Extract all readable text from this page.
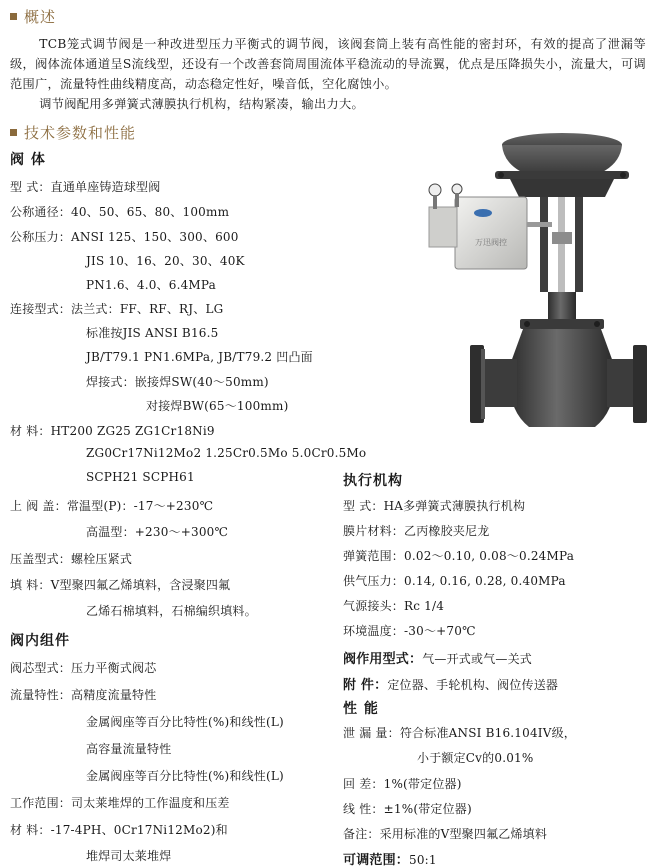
概述

TCB笼式调节阀是一种改进型压力平衡式的调节阀，该阀套筒上装有高性能的密封环，有效的提高了泄漏等级，阀体流体通道呈S流线型，还设有一个改善套筒周围流体平稳流动的导流翼，优点是压降损失小，流量大，可调范围广，流量特性曲线精度高，动态稳定性好，噪音低，空化腐蚀小。

调节阀配用多弹簧式薄膜执行机构，结构紧凑，输出力大。

技术参数和性能
阀 体
型 式：直通单座铸造球型阀
公称通径：40、50、65、80、100mm
公称压力：ANSI 125、150、300、600
JIS 10、16、20、30、40K
PN1.6、4.0、6.4MPa
连接型式：法兰式：FF、RF、RJ、LG
标准按JIS ANSI B16.5
JB/T79.1 PN1.6MPa, JB/T79.2 凹凸面
焊接式：嵌接焊SW(40～50mm)
对接焊BW(65～100mm)
材 料：HT200 ZG25 ZG1Cr18Ni9
ZG0Cr17Ni12Mo2 1.25Cr0.5Mo 5.0Cr0.5Mo
SCPH21 SCPH61
上 阀 盖：常温型(P)：-17～+230℃
高温型：+230～+300℃
压盖型式：螺栓压紧式
填 料：V型聚四氟乙烯填料，含浸聚四氟
乙烯石棉填料，石棉编织填料。
阀内组件
阀芯型式：压力平衡式阀芯
流量特性：高精度流量特性
金属阀座等百分比特性(%)和线性(L)
高容量流量特性
金属阀座等百分比特性(%)和线性(L)
工作范围：司太莱堆焊的工作温度和压差
材 料：-17-4PH、0Cr17Ni12Mo2)和
堆焊司太莱堆焊
执行机构
型 式：HA多弹簧式薄膜执行机构
膜片材料：乙丙橡胶夹尼龙
弹簧范围：0.02～0.10, 0.08～0.24MPa
供气压力：0.14, 0.16, 0.28, 0.40MPa
气源接头：Rc 1/4
环境温度：-30～+70℃
阀作用型式：气—开式或气—关式
附 件：定位器、手轮机构、阀位传送器
性 能
泄 漏 量：符合标准ANSI B16.104IV级，
小于额定Cv的0.01%
回 差：1%(带定位器)
线 性：±1%(带定位器)
备注：采用标准的V型聚四氟乙烯填料
可调范围：50:1
万迅阀控
